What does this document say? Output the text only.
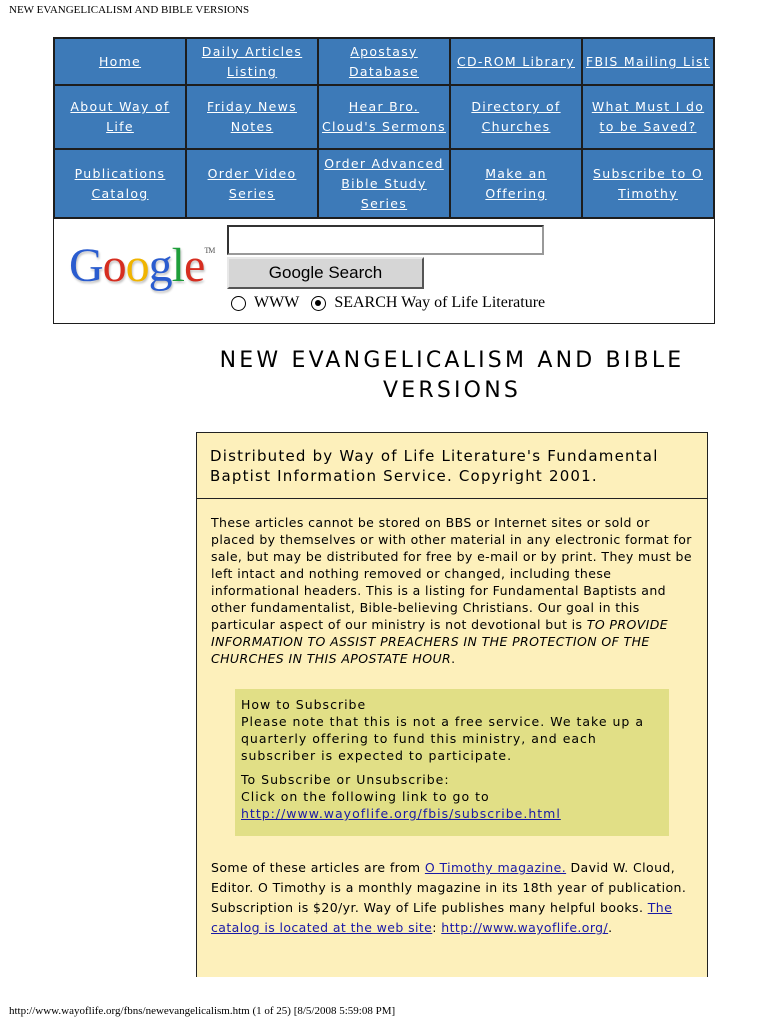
NEW EVANGELICALISM AND BIBLE VERSIONS
Home	Daily Articles Listing	Apostasy Database	CD-ROM Library	FBIS Mailing List
About Way of Life	Friday News Notes	Hear Bro. Cloud's Sermons	Directory of Churches	What Must I do to be Saved?
Publications Catalog	Order Video Series	Order Advanced Bible Study Series	Make an Offering	Subscribe to O Timothy
Google™
Google Search
WWW SEARCH Way of Life Literature
NEW EVANGELICALISM AND BIBLE VERSIONS
Distributed by Way of Life Literature's Fundamental Baptist Information Service. Copyright 2001.
These articles cannot be stored on BBS or Internet sites or sold or placed by themselves or with other material in any electronic format for sale, but may be distributed for free by e-mail or by print. They must be left intact and nothing removed or changed, including these informational headers. This is a listing for Fundamental Baptists and other fundamentalist, Bible-believing Christians. Our goal in this particular aspect of our ministry is not devotional but is TO PROVIDE INFORMATION TO ASSIST PREACHERS IN THE PROTECTION OF THE CHURCHES IN THIS APOSTATE HOUR.

How to Subscribe

Please note that this is not a free service. We take up a quarterly offering to fund this ministry, and each subscriber is expected to participate.

To Subscribe or Unsubscribe:

Click on the following link to go to

http://www.wayoflife.org/fbis/subscribe.html

Some of these articles are from O Timothy magazine. David W. Cloud, Editor. O Timothy is a monthly magazine in its 18th year of publication. Subscription is $20/yr. Way of Life publishes many helpful books. The catalog is located at the web site: http://www.wayoflife.org/.
http://www.wayoflife.org/fbns/newevangelicalism.htm (1 of 25) [8/5/2008 5:59:08 PM]
